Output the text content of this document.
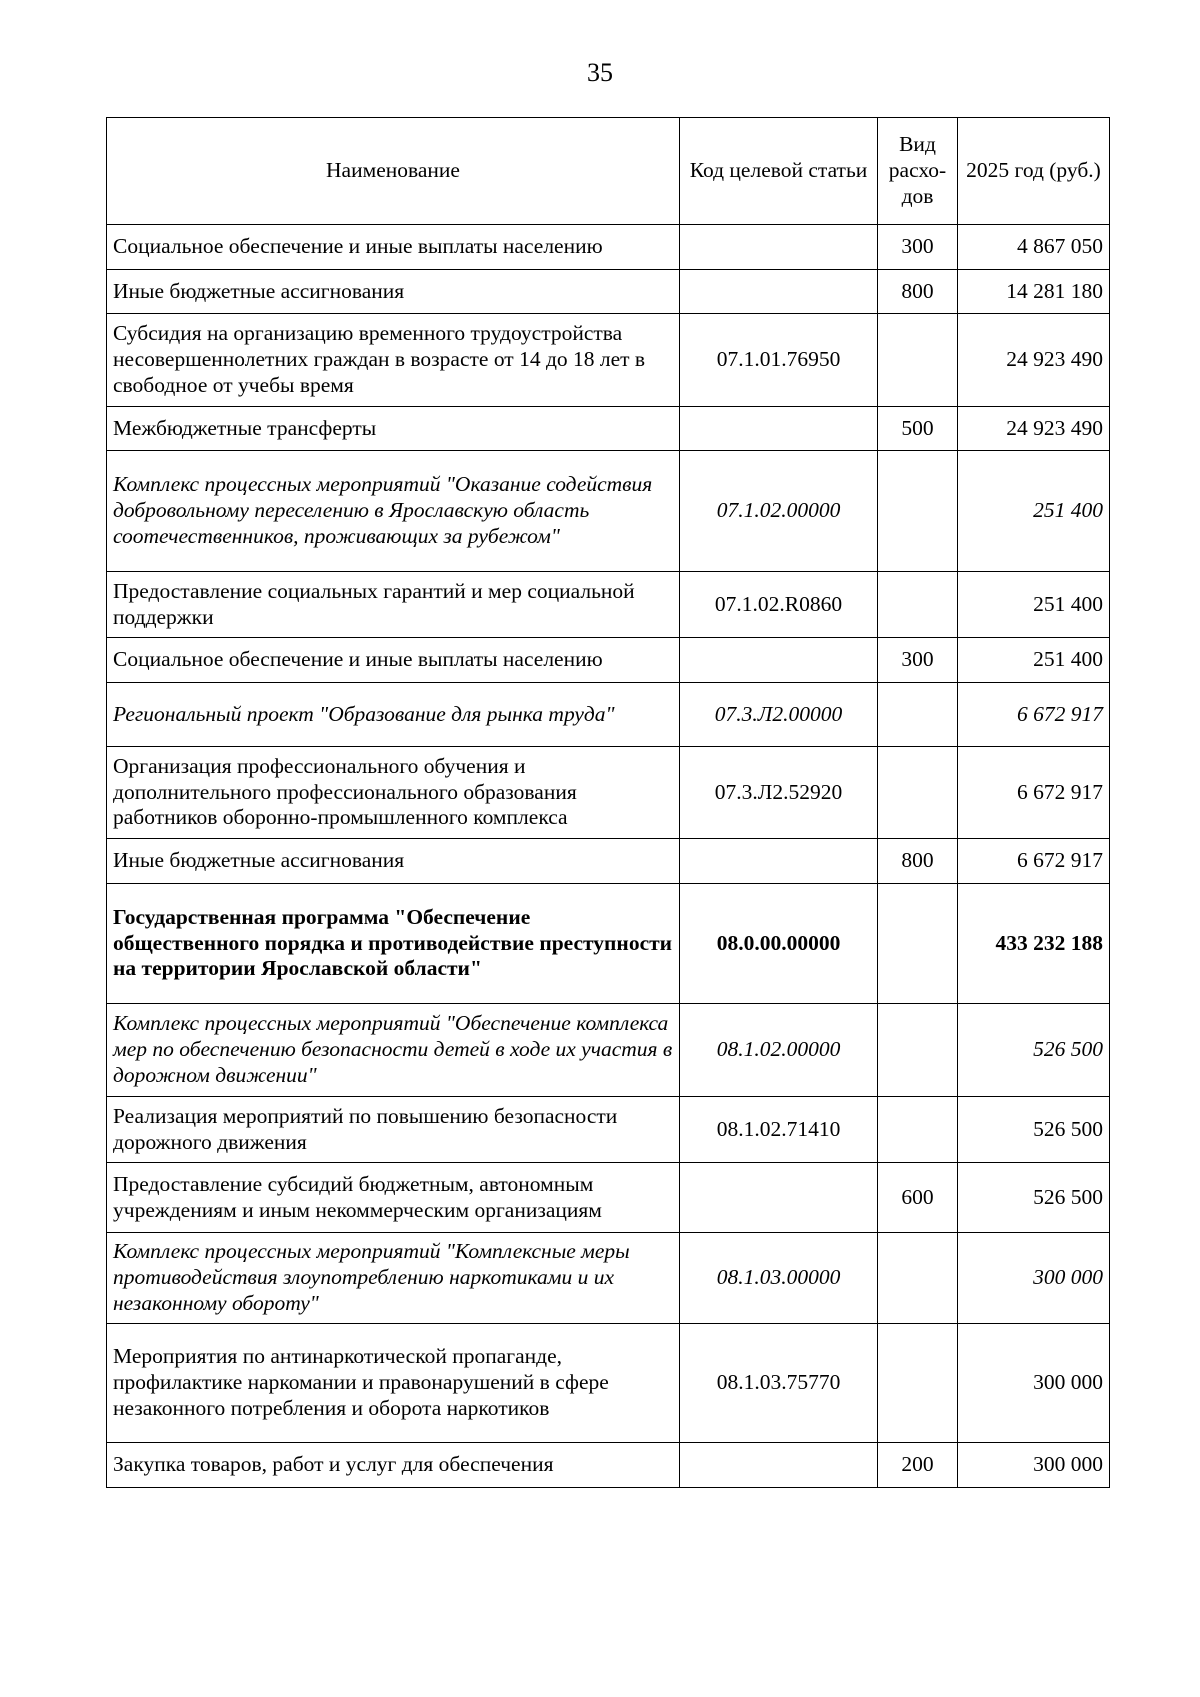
35
Наименование	Код целевой статьи	Вид расхо-дов	2025 год (руб.)
Социальное обеспечение и иные выплаты населению		300	4 867 050
Иные бюджетные ассигнования		800	14 281 180
Субсидия на организацию временного трудоустройства несовершеннолетних граждан в возрасте от 14 до 18 лет в свободное от учебы время	07.1.01.76950		24 923 490
Межбюджетные трансферты		500	24 923 490
Комплекс процессных мероприятий "Оказание содействия добровольному переселению в Ярославскую область соотечественников, проживающих за рубежом"	07.1.02.00000		251 400
Предоставление социальных гарантий и мер социальной поддержки	07.1.02.R0860		251 400
Социальное обеспечение и иные выплаты населению		300	251 400
Региональный проект "Образование для рынка труда"	07.3.Л2.00000		6 672 917
Организация профессионального обучения и дополнительного профессионального образования работников оборонно-промышленного комплекса	07.3.Л2.52920		6 672 917
Иные бюджетные ассигнования		800	6 672 917
Государственная программа "Обеспечение общественного порядка и противодействие преступности на территории Ярославской области"	08.0.00.00000		433 232 188
Комплекс процессных мероприятий "Обеспечение комплекса мер по обеспечению безопасности детей в ходе их участия в дорожном движении"	08.1.02.00000		526 500
Реализация мероприятий по повышению безопасности дорожного движения	08.1.02.71410		526 500
Предоставление субсидий бюджетным, автономным учреждениям и иным некоммерческим организациям		600	526 500
Комплекс процессных мероприятий "Комплексные меры противодействия злоупотреблению наркотиками и их незаконному обороту"	08.1.03.00000		300 000
Мероприятия по антинаркотической пропаганде, профилактике наркомании и правонарушений в сфере незаконного потребления и оборота наркотиков	08.1.03.75770		300 000
Закупка товаров, работ и услуг для обеспечения		200	300 000
